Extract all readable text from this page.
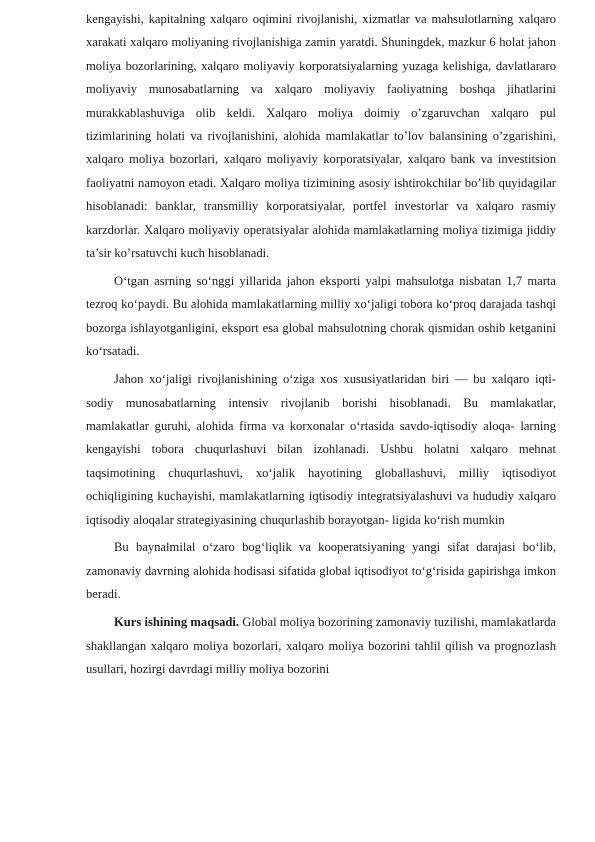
kengayishi, kapitalning xalqaro oqimini rivojlanishi, xizmatlar va mahsulotlarning xalqaro xarakati xalqaro moliyaning rivojlanishiga zamin yaratdi. Shuningdek, mazkur 6 holat jahon moliya bozorlarining, xalqaro moliyaviy korporatsiyalarning yuzaga kelishiga, davlatlararo moliyaviy munosabatlarning va xalqaro moliyaviy faoliyatning boshqa jihatlarini murakkablashuviga olib keldi. Xalqaro moliya doimiy o’zgaruvchan xalqaro pul tizimlarining holati va rivojlanishini, alohida mamlakatlar to’lov balansining o’zgarishini, xalqaro moliya bozorlari, xalqaro moliyaviy korporatsiyalar, xalqaro bank va investitsion faoliyatni namoyon etadi. Xalqaro moliya tizimining asosiy ishtirokchilar bo’lib quyidagilar hisoblanadi: banklar, transmilliy korporatsiyalar, portfel investorlar va xalqaro rasmiy karzdorlar. Xalqaro moliyaviy operatsiyalar alohida mamlakatlarning moliya tizimiga jiddiy ta’sir ko’rsatuvchi kuch hisoblanadi.

O‘tgan asrning so‘nggi yillarida jahon eksporti yalpi mahsulotga nisbatan 1,7 marta tezroq ko‘paydi. Bu alohida mamlakatlarning milliy xo‘jaligi tobora ko‘proq darajada tashqi bozorga ishlayotganligini, eksport esa global mahsulotning chorak qismidan oshib ketganini ko‘rsatadi.

Jahon xo‘jaligi rivojlanishining o‘ziga xos xususiyatlaridan biri — bu xalqaro iqti- sodiy munosabatlarning intensiv rivojlanib borishi hisoblanadi. Bu mamlakatlar, mamlakatlar guruhi, alohida firma va korxonalar o‘rtasida savdo-iqtisodiy aloqa- larning kengayishi tobora chuqurlashuvi bilan izohlanadi. Ushbu holatni xalqaro mehnat taqsimotining chuqurlashuvi, xo‘jalik hayotining globallashuvi, milliy iqtisodiyot ochiqligining kuchayishi, mamlakatlarning iqtisodiy integratsiyalashuvi va hududiy xalqaro iqtisodiy aloqalar strategiyasining chuqurlashib borayotgan- ligida ko‘rish mumkin

Bu baynalmilal o‘zaro bog‘liqlik va kooperatsiyaning yangi sifat darajasi bo‘lib, zamonaviy davrning alohida hodisasi sifatida global iqtisodiyot to‘g‘risida gapirishga imkon beradi.

Kurs ishining maqsadi. Global moliya bozorining zamonaviy tuzilishi, mamlakatlarda shakllangan xalqaro moliya bozorlari, xalqaro moliya bozorini tahlil qilish va prognozlash usullari, hozirgi davrdagi milliy moliya bozorini
